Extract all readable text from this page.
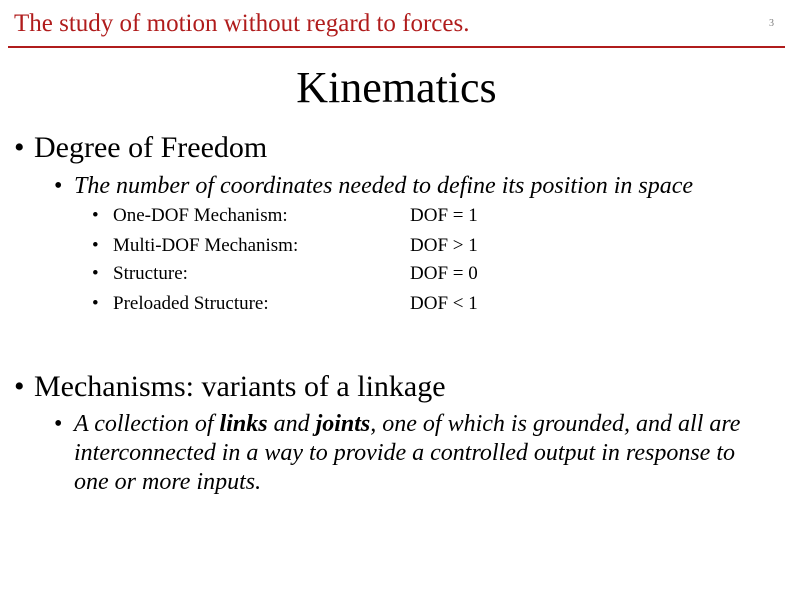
The study of motion without regard to forces.	3
Kinematics
• Degree of Freedom
• The number of coordinates needed to define its position in space
• One-DOF Mechanism:	DOF = 1
• Multi-DOF Mechanism:	DOF > 1
• Structure:	DOF = 0
• Preloaded Structure:	DOF < 1
• Mechanisms: variants of a linkage
• A collection of links and joints, one of which is grounded, and all are interconnected in a way to provide a controlled output in response to one or more inputs.
